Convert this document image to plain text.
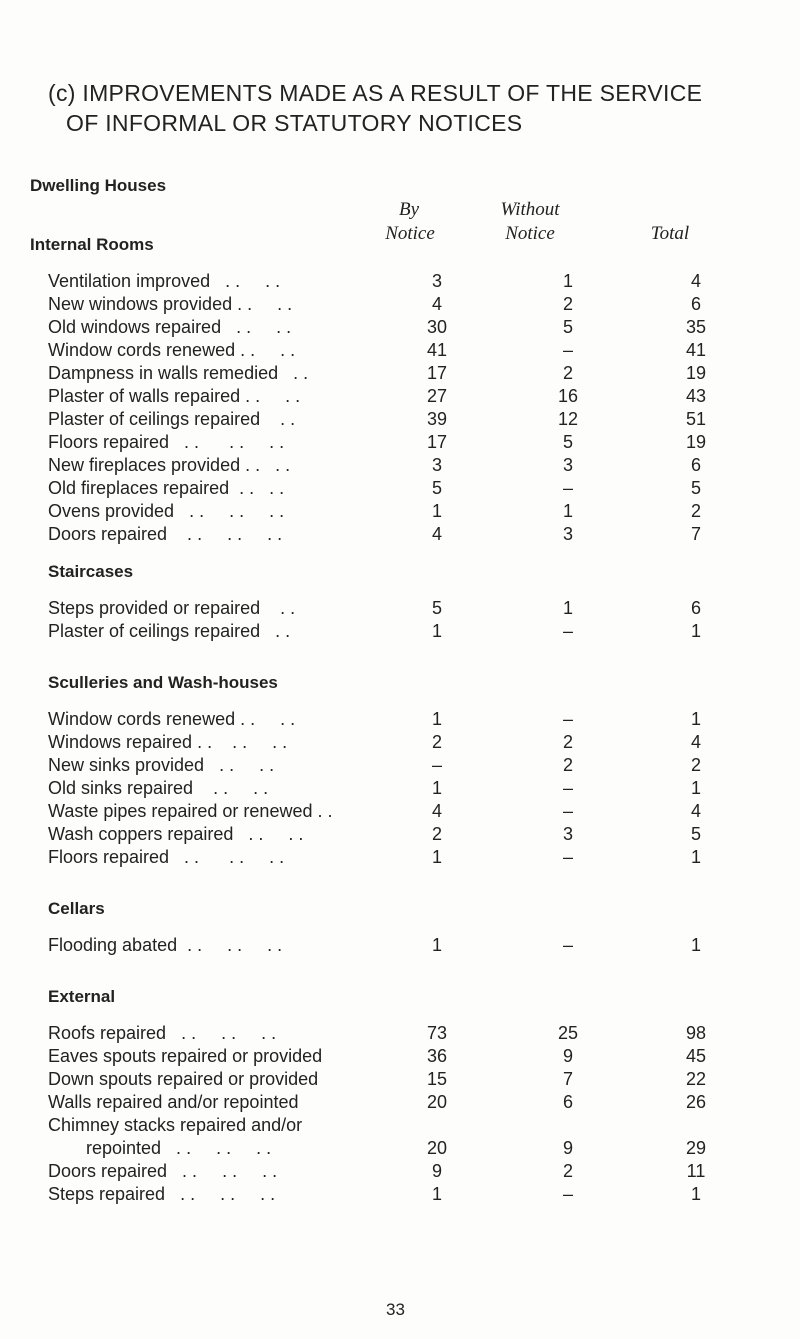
(c) IMPROVEMENTS MADE AS A RESULT OF THE SERVICE
OF INFORMAL OR STATUTORY NOTICES
Dwelling Houses
By
Notice
Without
Notice	Total
Internal Rooms
Ventilation improved   . .     . .	3	1	4
New windows provided . .     . .	4	2	6
Old windows repaired   . .     . .	30	5	35
Window cords renewed . .     . .	41	–	41
Dampness in walls remedied   . .	17	2	19
Plaster of walls repaired . .     . .	27	16	43
Plaster of ceilings repaired    . .	39	12	51
Floors repaired   . .      . .     . .	17	5	19
New fireplaces provided . .   . .	3	3	6
Old fireplaces repaired  . .   . .	5	–	5
Ovens provided   . .     . .     . .	1	1	2
Doors repaired    . .     . .     . .	4	3	7
Staircases
Steps provided or repaired    . .	5	1	6
Plaster of ceilings repaired   . .	1	–	1
Sculleries and Wash-houses
Window cords renewed . .     . .	1	–	1
Windows repaired . .    . .     . .	2	2	4
New sinks provided   . .     . .	–	2	2
Old sinks repaired    . .     . .	1	–	1
Waste pipes repaired or renewed . .	4	–	4
Wash coppers repaired   . .     . .	2	3	5
Floors repaired   . .      . .     . .	1	–	1
Cellars
Flooding abated  . .     . .     . .	1	–	1
External
Roofs repaired   . .     . .     . .	73	25	98
Eaves spouts repaired or provided	36	9	45
Down spouts repaired or provided	15	7	22
Walls repaired and/or repointed	20	6	26
Chimney stacks repaired and/or
repointed   . .     . .     . .	20	9	29
Doors repaired   . .     . .     . .	9	2	11
Steps repaired   . .     . .     . .	1	–	1
33
